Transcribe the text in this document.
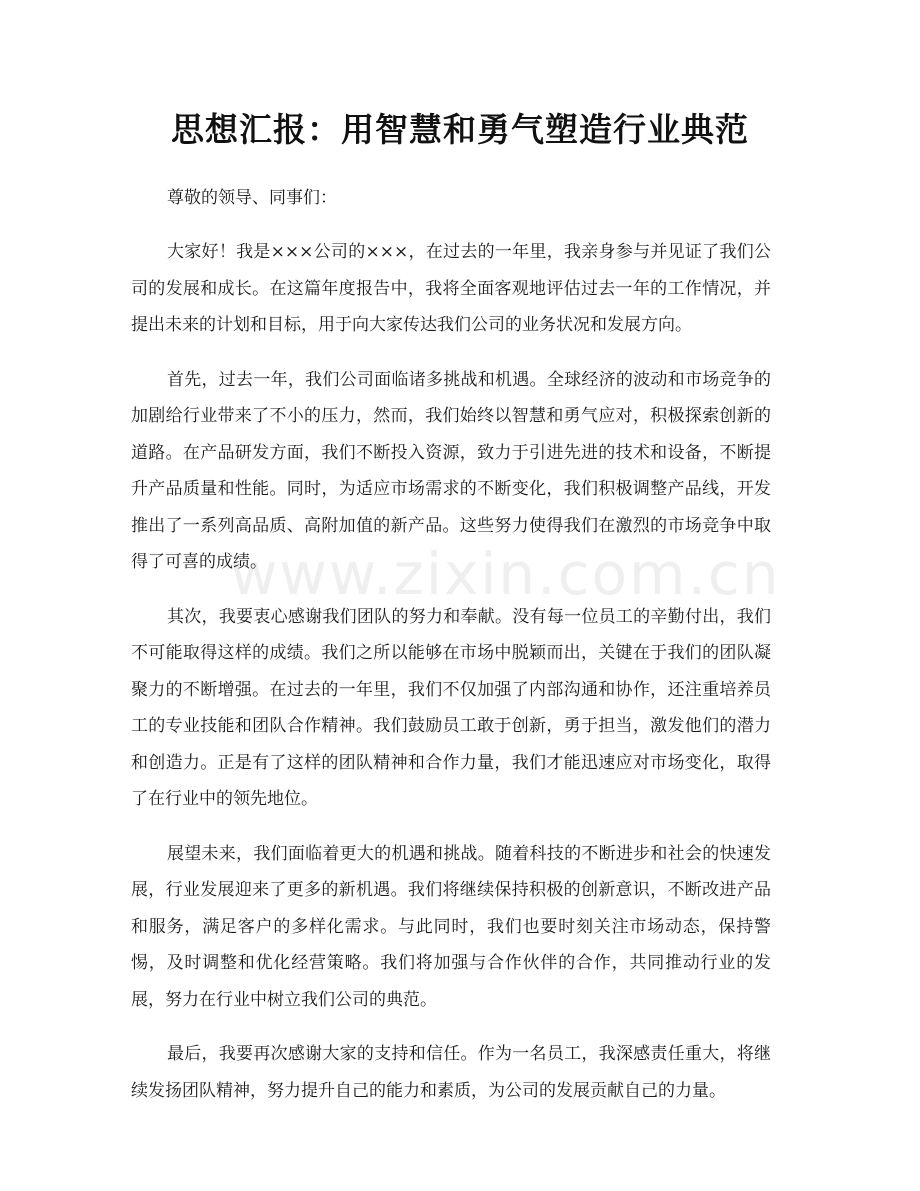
思想汇报：用智慧和勇气塑造行业典范
www.zixin.com.cn

尊敬的领导、同事们：

大家好！我是×××公司的×××，在过去的一年里，我亲身参与并见证了我们公司的发展和成长。在这篇年度报告中，我将全面客观地评估过去一年的工作情况，并提出未来的计划和目标，用于向大家传达我们公司的业务状况和发展方向。

首先，过去一年，我们公司面临诸多挑战和机遇。全球经济的波动和市场竞争的加剧给行业带来了不小的压力，然而，我们始终以智慧和勇气应对，积极探索创新的道路。在产品研发方面，我们不断投入资源，致力于引进先进的技术和设备，不断提升产品质量和性能。同时，为适应市场需求的不断变化，我们积极调整产品线，开发推出了一系列高品质、高附加值的新产品。这些努力使得我们在激烈的市场竞争中取得了可喜的成绩。

其次，我要衷心感谢我们团队的努力和奉献。没有每一位员工的辛勤付出，我们不可能取得这样的成绩。我们之所以能够在市场中脱颖而出，关键在于我们的团队凝聚力的不断增强。在过去的一年里，我们不仅加强了内部沟通和协作，还注重培养员工的专业技能和团队合作精神。我们鼓励员工敢于创新，勇于担当，激发他们的潜力和创造力。正是有了这样的团队精神和合作力量，我们才能迅速应对市场变化，取得了在行业中的领先地位。

展望未来，我们面临着更大的机遇和挑战。随着科技的不断进步和社会的快速发展，行业发展迎来了更多的新机遇。我们将继续保持积极的创新意识，不断改进产品和服务，满足客户的多样化需求。与此同时，我们也要时刻关注市场动态，保持警惕，及时调整和优化经营策略。我们将加强与合作伙伴的合作，共同推动行业的发展，努力在行业中树立我们公司的典范。

最后，我要再次感谢大家的支持和信任。作为一名员工，我深感责任重大，将继续发扬团队精神，努力提升自己的能力和素质，为公司的发展贡献自己的力量。
